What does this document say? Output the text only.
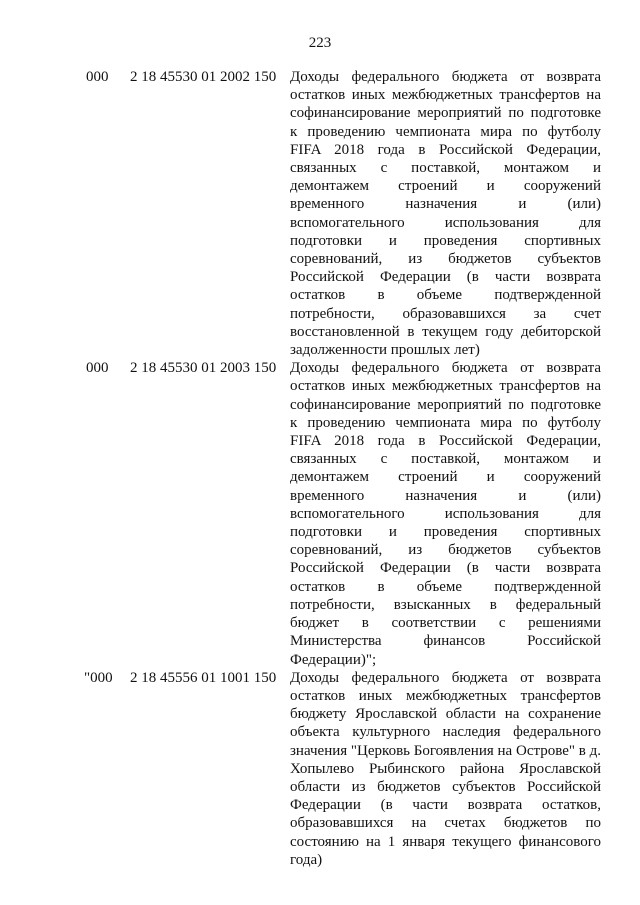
223
000 2 18 45530 01 2002 150 Доходы федерального бюджета от возврата остатков иных межбюджетных трансфертов на софинансирование мероприятий по подготовке к проведению чемпионата мира по футболу FIFA 2018 года в Российской Федерации, связанных с поставкой, монтажом и демонтажем строений и сооружений временного назначения и (или) вспомогательного использования для подготовки и проведения спортивных соревнований, из бюджетов субъектов Российской Федерации (в части возврата остатков в объеме подтвержденной потребности, образовавшихся за счет восстановленной в текущем году дебиторской задолженности прошлых лет)
000 2 18 45530 01 2003 150 Доходы федерального бюджета от возврата остатков иных межбюджетных трансфертов на софинансирование мероприятий по подготовке к проведению чемпионата мира по футболу FIFA 2018 года в Российской Федерации, связанных с поставкой, монтажом и демонтажем строений и сооружений временного назначения и (или) вспомогательного использования для подготовки и проведения спортивных соревнований, из бюджетов субъектов Российской Федерации (в части возврата остатков в объеме подтвержденной потребности, взысканных в федеральный бюджет в соответствии с решениями Министерства финансов Российской Федерации)";
"000 2 18 45556 01 1001 150 Доходы федерального бюджета от возврата остатков иных межбюджетных трансфертов бюджету Ярославской области на сохранение объекта культурного наследия федерального значения "Церковь Богоявления на Острове" в д. Хопылево Рыбинского района Ярославской области из бюджетов субъектов Российской Федерации (в части возврата остатков, образовавшихся на счетах бюджетов по состоянию на 1 января текущего финансового года)
